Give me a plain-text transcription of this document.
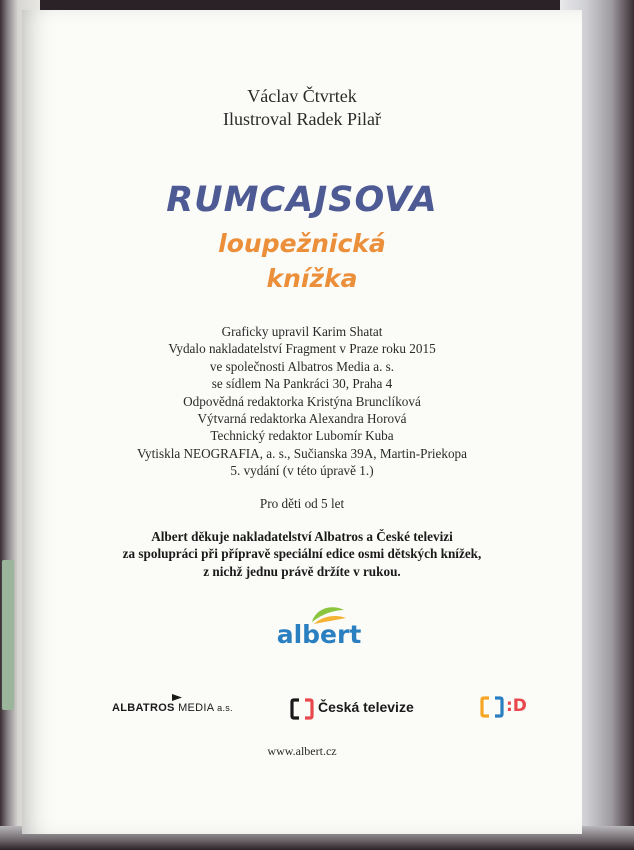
Václav Čtvrtek
Ilustroval Radek Pilař
RUMCAJSOVA
loupežnická
knížka
Graficky upravil Karim Shatat
Vydalo nakladatelství Fragment v Praze roku 2015
ve společnosti Albatros Media a. s.
se sídlem Na Pankráci 30, Praha 4
Odpovědná redaktorka Kristýna Brunclíková
Výtvarná redaktorka Alexandra Horová
Technický redaktor Lubomír Kuba
Vytiskla NEOGRAFIA, a. s., Sučianska 39A, Martin-Priekopa
5. vydání (v této úpravě 1.)
Pro děti od 5 let
Albert děkuje nakladatelství Albatros a České televizi
za spolupráci při přípravě speciální edice osmi dětských knížek,
z nichž jednu právě držíte v rukou.
albert
ALBATROS MEDIA a.s.	Česká televize	:D
www.albert.cz
